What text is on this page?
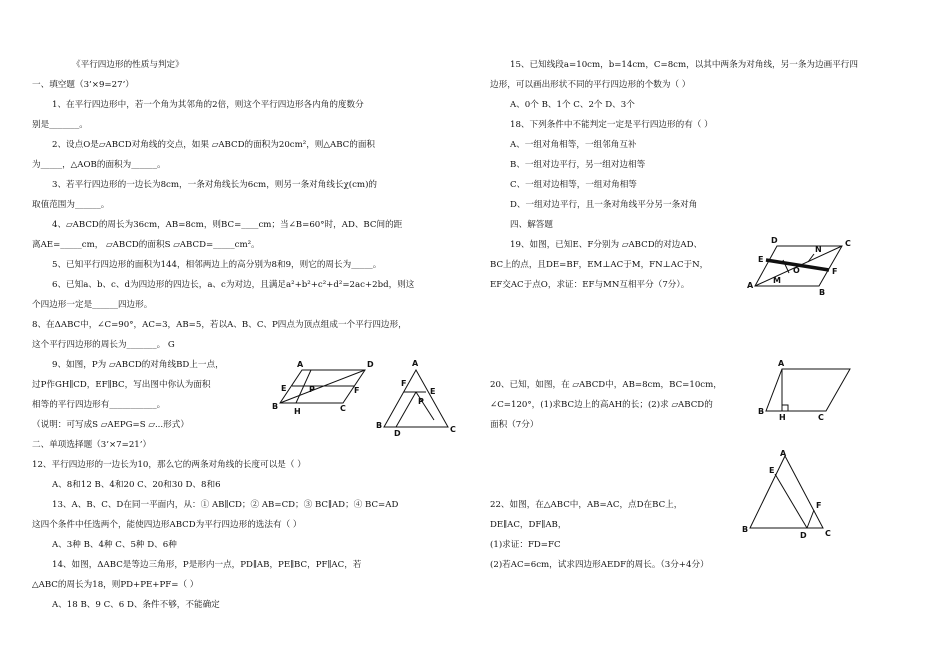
《平行四边形的性质与判定》
一、填空题（3’×9=27’）
1、在平行四边形中，若一个角为其邻角的2倍，则这个平行四边形各内角的度数分
别是_______。
2、设点O是▱ABCD对角线的交点，如果 ▱ABCD的面积为20cm²，则△ABC的面积
为_____，△AOB的面积为______。
3、若平行四边形的一边长为8cm，一条对角线长为6cm，则另一条对角线长χ(cm)的
取值范围为______。
4、▱ABCD的周长为36cm，AB=8cm，则BC=____cm；当∠B=60°时，AD、BC间的距
离AE=_____cm， ▱ABCD的面积S ▱ABCD=_____cm²。
5、已知平行四边形的面积为144，相邻两边上的高分别为8和9，则它的周长为_____。
6、已知a、b、c、d为四边形的四边长，a、c为对边，且满足a²+b²+c²+d²=2ac+2bd，则这
个四边形一定是______四边形。
8、在ΔABC中，∠C=90°，AC=3，AB=5，若以A、B、C、P四点为顶点组成一个平行四边形，
这个平行四边形的周长为_______。 G
9、如图，P为 ▱ABCD的对角线BD上一点，
过P作GH∥CD，EF∥BC，写出图中你认为面积
相等的平行四边形有___________。
（说明：可写成S ▱AEPG=S ▱...形式）
二、单项选择题（3’×7=21’）
12、平行四边形的一边长为10，那么它的两条对角线的长度可以是（ ）
A、8和12 B、4和20 C、20和30 D、8和6
13、A、B、C、D在同一平面内，从：① AB∥CD；② AB=CD；③ BC∥AD；④ BC=AD
这四个条件中任选两个，能使四边形ABCD为平行四边形的选法有（ ）
A、3种 B、4种 C、5种 D、6种
14、如图，ΔABC是等边三角形，P是形内一点，PD∥AB，PE∥BC，PF∥AC，若
△ABC的周长为18，则PD+PE+PF=（ ）
A、18 B、9 C、6 D、条件不够，不能确定
15、已知线段a=10cm，b=14cm，C=8cm，以其中两条为对角线，另一条为边画平行四
边形，可以画出形状不同的平行四边形的个数为（ ）
A、0个 B、1个 C、2个 D、3个
18、下列条件中不能判定一定是平行四边形的有（ ）
A、一组对角相等，一组邻角互补
B、一组对边平行，另一组对边相等
C、一组对边相等，一组对角相等
D、一组对边平行，且一条对角线平分另一条对角
四、解答题
19、如图，已知E、F分别为 ▱ABCD的对边AD、
BC上的点，且DE=BF，EM⊥AC于M，FN⊥AC于N，
EF交AC于点O，求证：EF与MN互相平分（7分）。
20、已知，如图，在 ▱ABCD中，AB=8cm，BC=10cm，
∠C=120°，(1)求BC边上的高AH的长；(2)求 ▱ABCD的
面积（7分）
22、如图，在△ABC中，AB=AC，点D在BC上，
DE∥AC，DF∥AB，
(1)求证：FD=FC
(2)若AC=6cm，试求四边形AEDF的周长。（3分+4分）
A	D
E	P	F
B
H	C
A
F
E
P
B
D	C
D
N
C
E
O	F
A
M
B
A
B
H	C
A
E
F
B
D C
